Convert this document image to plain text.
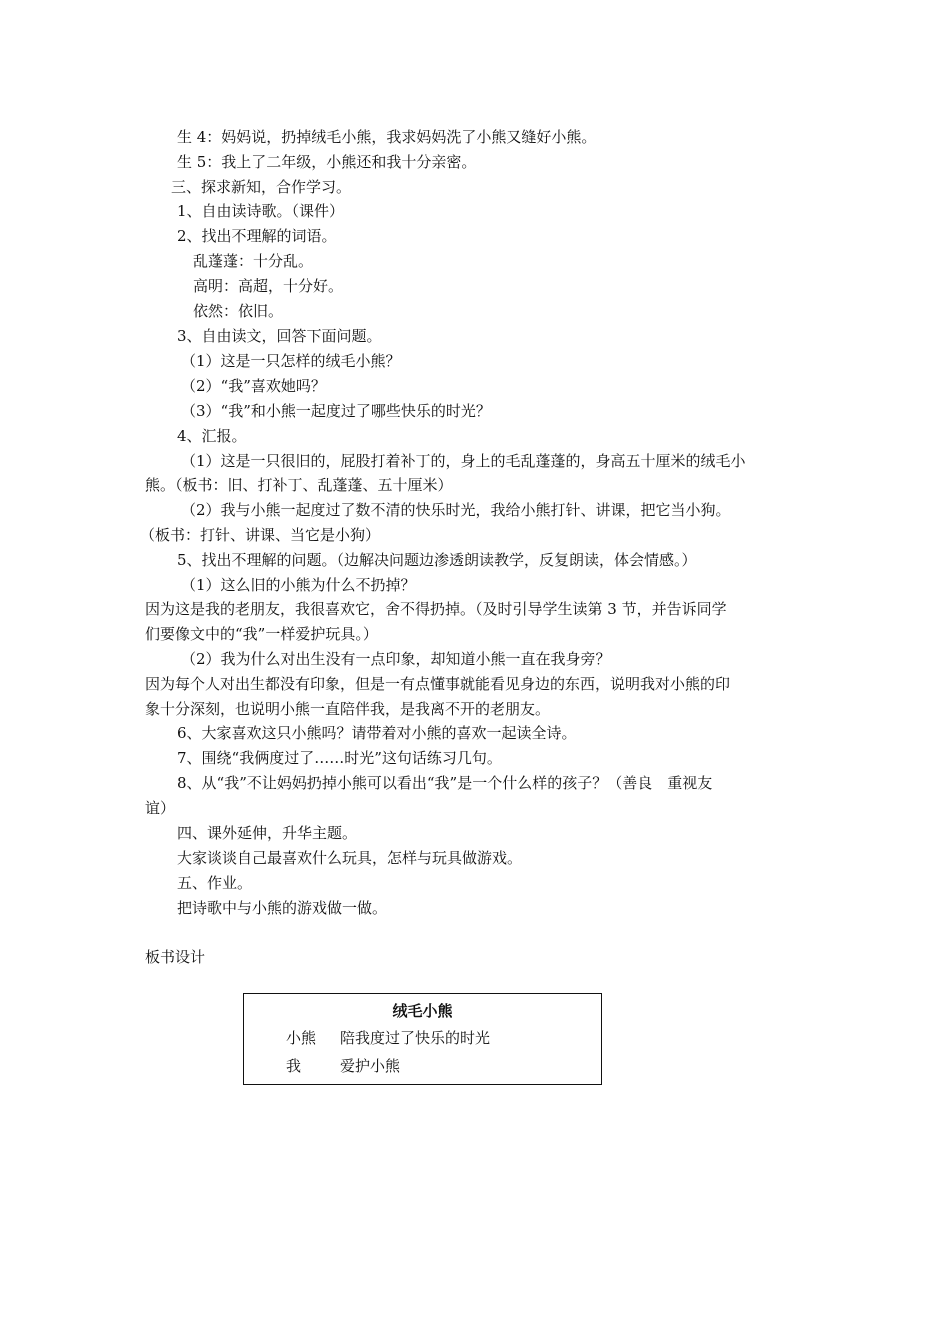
生 4：妈妈说，扔掉绒毛小熊，我求妈妈洗了小熊又缝好小熊。
生 5：我上了二年级，小熊还和我十分亲密。
三、探求新知，合作学习。
1、自由读诗歌。（课件）
2、找出不理解的词语。
乱蓬蓬：十分乱。
高明：高超，十分好。
依然：依旧。
3、自由读文，回答下面问题。
（1）这是一只怎样的绒毛小熊？
（2）“我”喜欢她吗？
（3）“我”和小熊一起度过了哪些快乐的时光？
4、汇报。
（1）这是一只很旧的，屁股打着补丁的，身上的毛乱蓬蓬的，身高五十厘米的绒毛小
熊。（板书：旧、打补丁、乱蓬蓬、五十厘米）
（2）我与小熊一起度过了数不清的快乐时光，我给小熊打针、讲课，把它当小狗。
（板书：打针、讲课、当它是小狗）
5、找出不理解的问题。（边解决问题边渗透朗读教学，反复朗读，体会情感。）
（1）这么旧的小熊为什么不扔掉？
因为这是我的老朋友，我很喜欢它，舍不得扔掉。（及时引导学生读第 3 节，并告诉同学
们要像文中的“我”一样爱护玩具。）
（2）我为什么对出生没有一点印象，却知道小熊一直在我身旁？
因为每个人对出生都没有印象，但是一有点懂事就能看见身边的东西，说明我对小熊的印
象十分深刻，也说明小熊一直陪伴我，是我离不开的老朋友。
6、大家喜欢这只小熊吗？请带着对小熊的喜欢一起读全诗。
7、围绕“我俩度过了……时光”这句话练习几句。
8、从“我”不让妈妈扔掉小熊可以看出“我”是一个什么样的孩子？（善良　重视友
谊）
四、课外延伸，升华主题。
大家谈谈自己最喜欢什么玩具，怎样与玩具做游戏。
五、作业。
把诗歌中与小熊的游戏做一做。
板书设计
绒毛小熊
小熊 陪我度过了快乐的时光
我	爱护小熊
